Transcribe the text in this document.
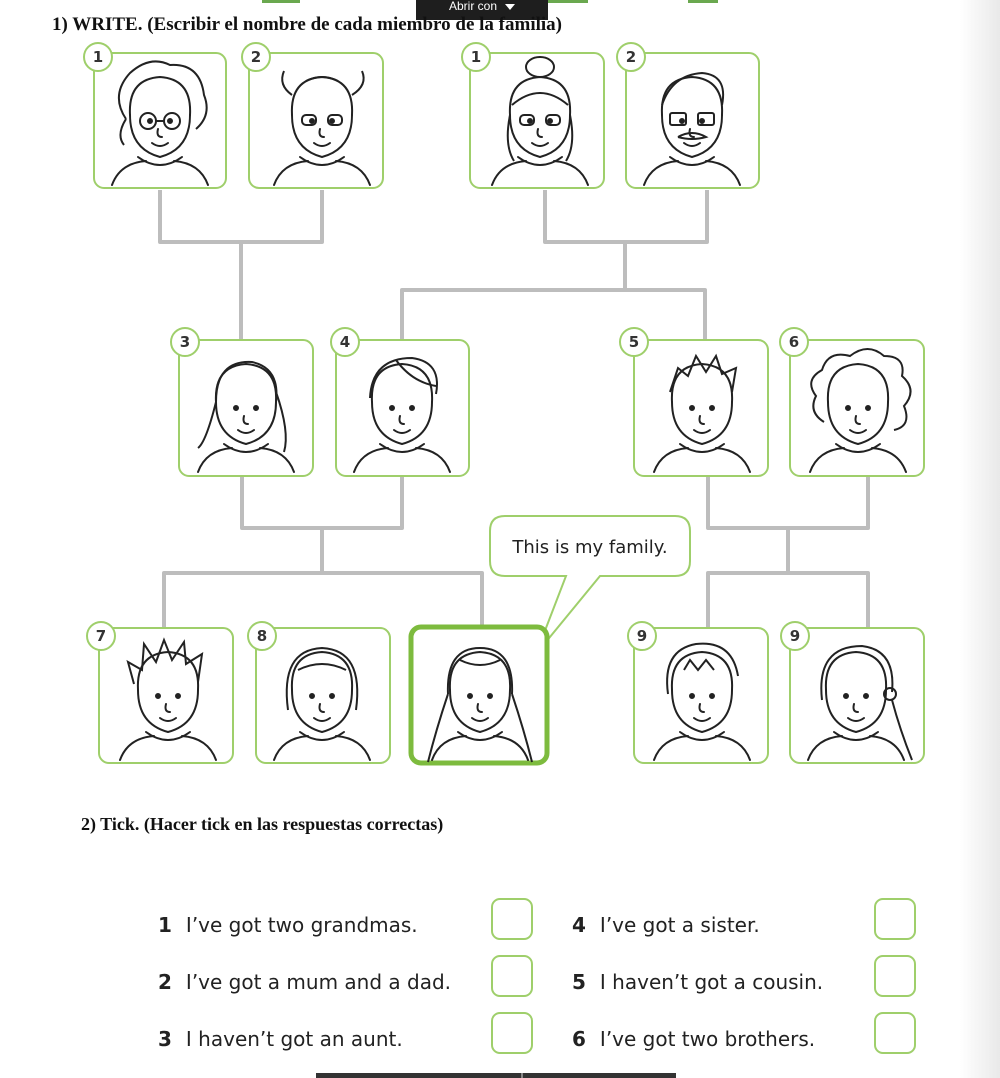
Abrir con
1) WRITE. (Escribir el nombre de cada miembro de la familia)
1	2	1	2
3	4	5	6
7	8	9	9
This is my family.
2) Tick. (Hacer tick en las respuestas correctas)
1 I’ve got two grandmas.
2 I’ve got a mum and a dad.
3 I haven’t got an aunt.
4 I’ve got a sister.
5 I haven’t got a cousin.
6 I’ve got two brothers.
